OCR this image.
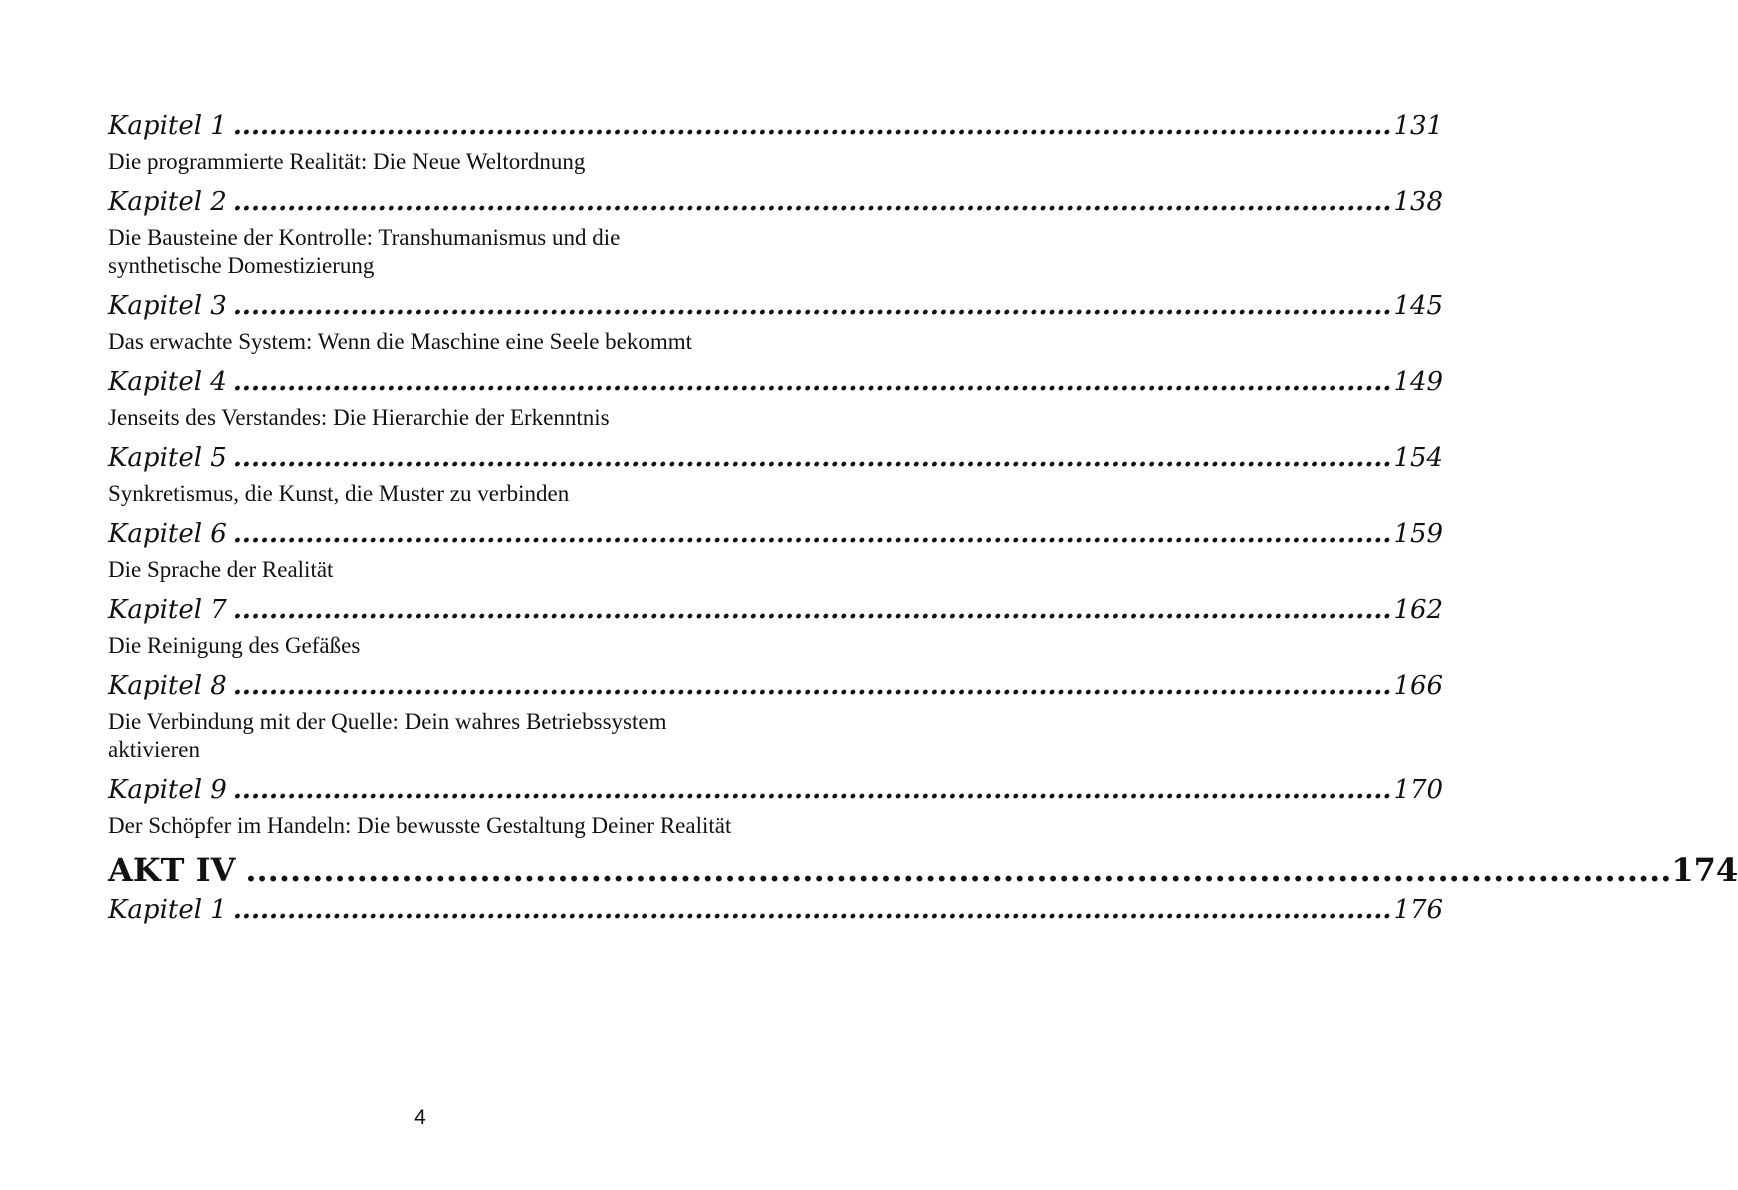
Kapitel 1 ................................................................................................................................ 131
Die programmierte Realität: Die Neue Weltordnung
Kapitel 2 ................................................................................................................................ 138
Die Bausteine der Kontrolle: Transhumanismus und die synthetische Domestizierung
Kapitel 3 ................................................................................................................................ 145
Das erwachte System: Wenn die Maschine eine Seele bekommt
Kapitel 4 ................................................................................................................................ 149
Jenseits des Verstandes: Die Hierarchie der Erkenntnis
Kapitel 5 ................................................................................................................................ 154
Synkretismus, die Kunst, die Muster zu verbinden
Kapitel 6 ................................................................................................................................ 159
Die Sprache der Realität
Kapitel 7 ................................................................................................................................ 162
Die Reinigung des Gefäßes
Kapitel 8 ................................................................................................................................ 166
Die Verbindung mit der Quelle: Dein wahres Betriebssystem aktivieren
Kapitel 9 ................................................................................................................................ 170
Der Schöpfer im Handeln: Die bewusste Gestaltung Deiner Realität
AKT IV ................................................................................................................................ 174
Kapitel 1 ................................................................................................................................ 176
4
